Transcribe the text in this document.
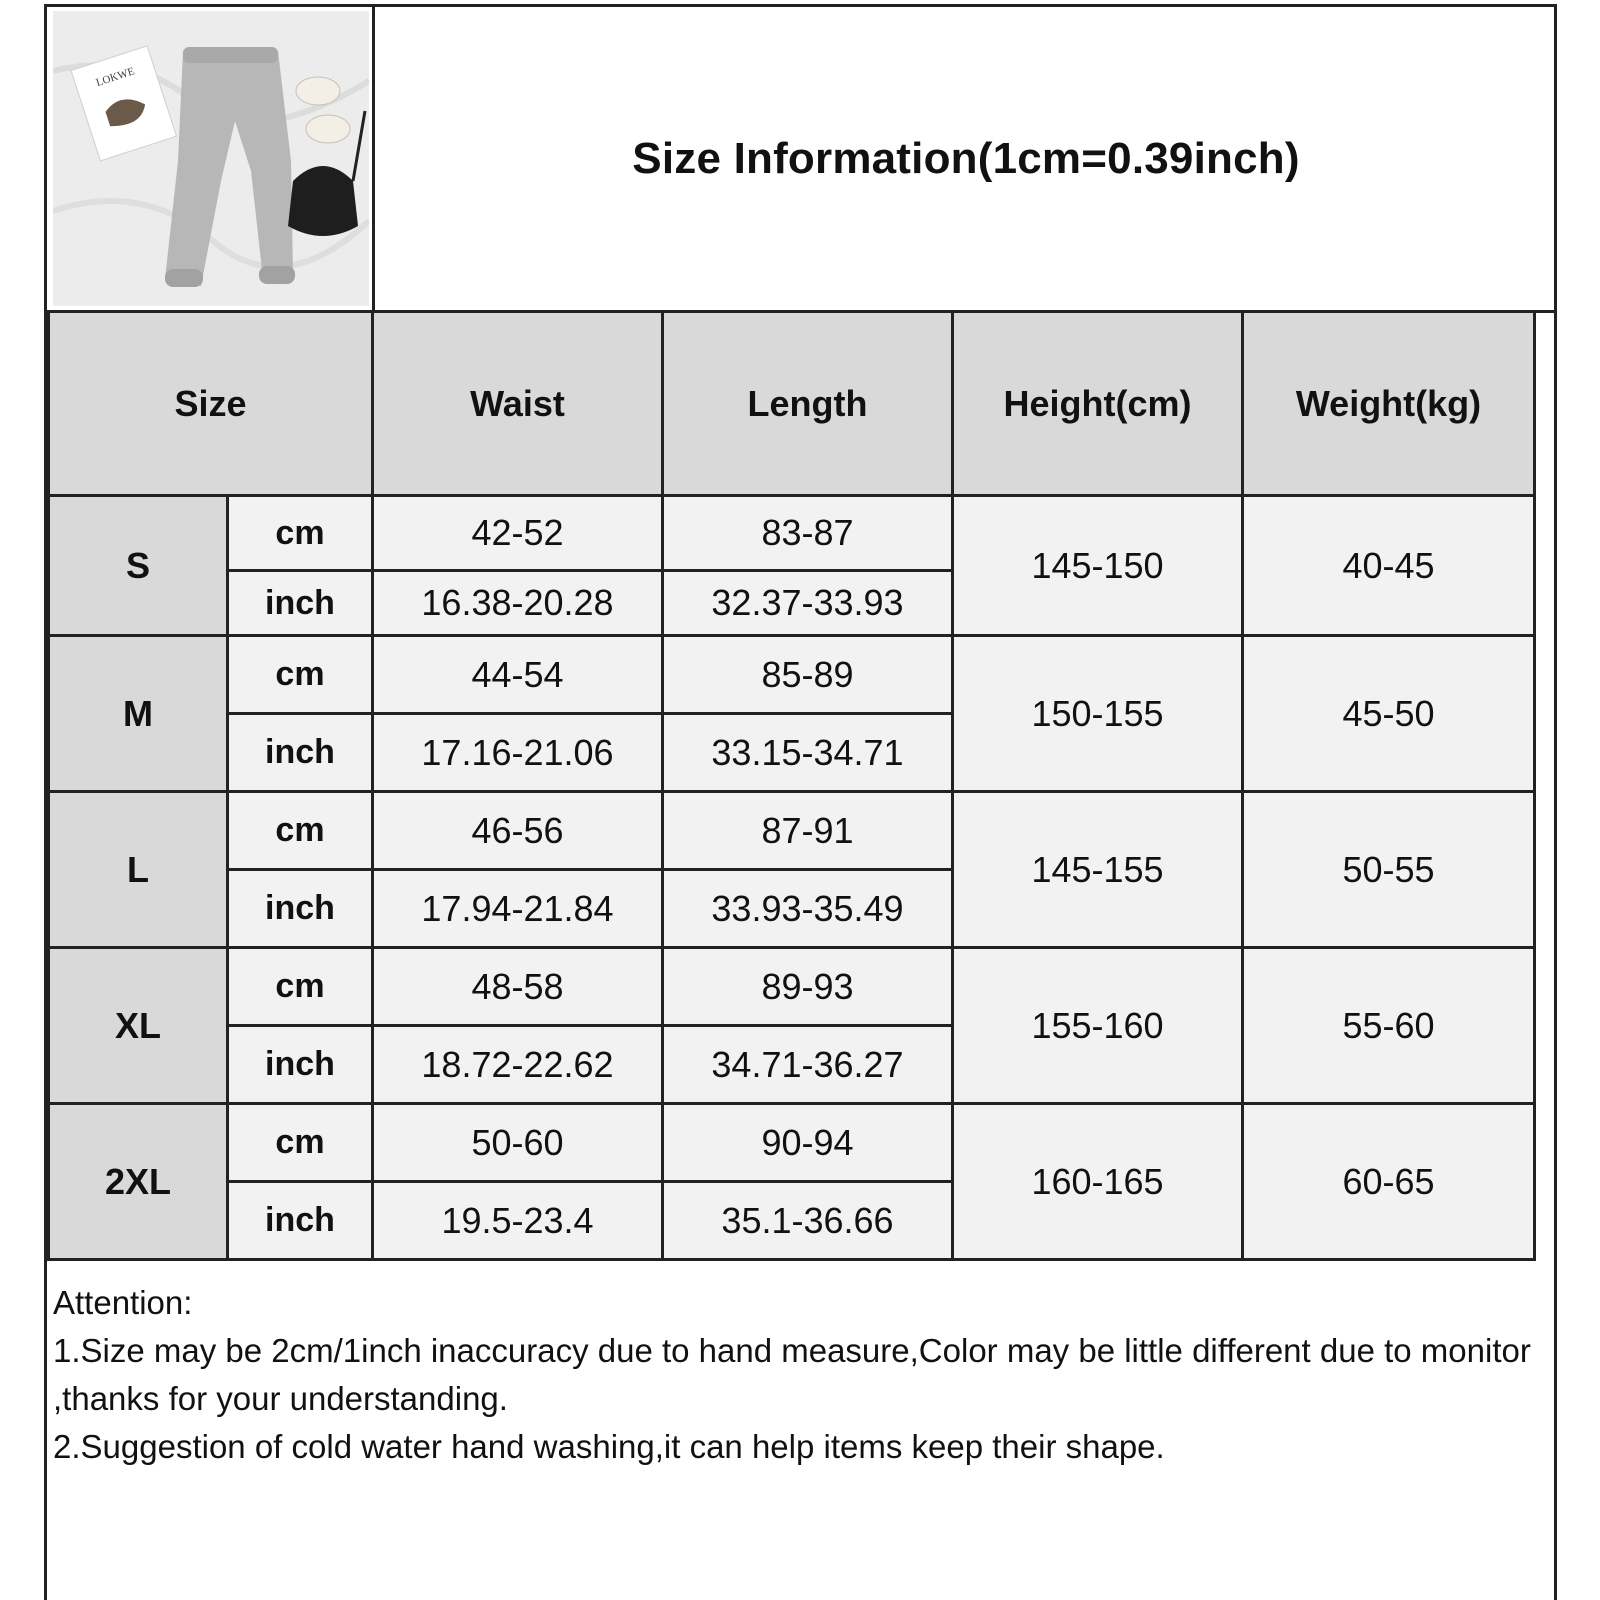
LOKWE
Size Information(1cm=0.39inch)
Size		Waist	Length	Height(cm)	Weight(kg)
S	cm	42-52	83-87	145-150	40-45
	inch	16.38-20.28	32.37-33.93		
M	cm	44-54	85-89	150-155	45-50
	inch	17.16-21.06	33.15-34.71		
L	cm	46-56	87-91	145-155	50-55
	inch	17.94-21.84	33.93-35.49		
XL	cm	48-58	89-93	155-160	55-60
	inch	18.72-22.62	34.71-36.27		
2XL	cm	50-60	90-94	160-165	60-65
	inch	19.5-23.4	35.1-36.66		

Attention:

1.Size may be 2cm/1inch inaccuracy due to hand measure,Color may be little different due to monitor ,thanks for your understanding.

2.Suggestion of cold water hand washing,it can help items keep their shape.
